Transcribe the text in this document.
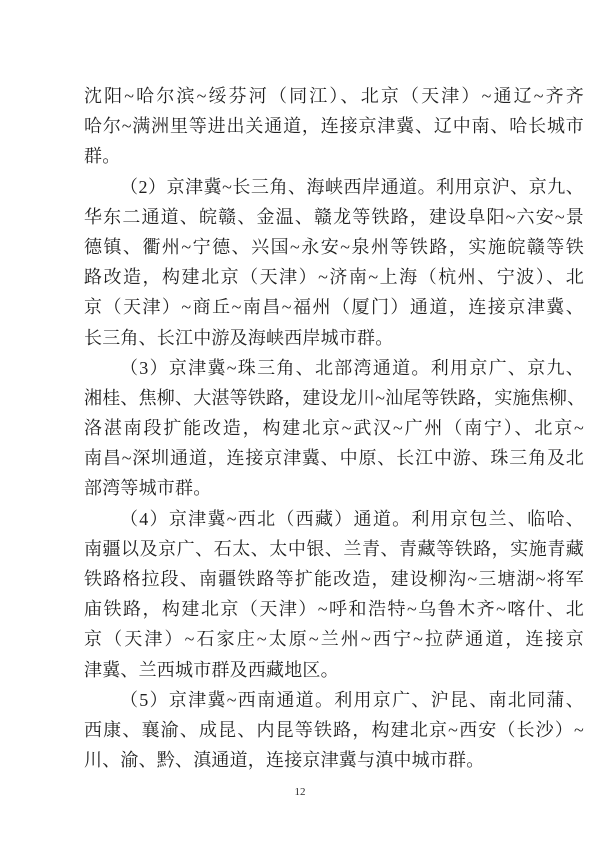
沈阳~哈尔滨~绥芬河（同江）、北京（天津）~通辽~齐齐
哈尔~满洲里等进出关通道，连接京津冀、辽中南、哈长城市
群。
（2）京津冀~长三角、海峡西岸通道。利用京沪、京九、
华东二通道、皖赣、金温、赣龙等铁路，建设阜阳~六安~景
德镇、衢州~宁德、兴国~永安~泉州等铁路，实施皖赣等铁
路改造，构建北京（天津）~济南~上海（杭州、宁波）、北
京（天津）~商丘~南昌~福州（厦门）通道，连接京津冀、
长三角、长江中游及海峡西岸城市群。
（3）京津冀~珠三角、北部湾通道。利用京广、京九、
湘桂、焦柳、大湛等铁路，建设龙川~汕尾等铁路，实施焦柳、
洛湛南段扩能改造，构建北京~武汉~广州（南宁）、北京~
南昌~深圳通道，连接京津冀、中原、长江中游、珠三角及北
部湾等城市群。
（4）京津冀~西北（西藏）通道。利用京包兰、临哈、
南疆以及京广、石太、太中银、兰青、青藏等铁路，实施青藏
铁路格拉段、南疆铁路等扩能改造，建设柳沟~三塘湖~将军
庙铁路，构建北京（天津）~呼和浩特~乌鲁木齐~喀什、北
京（天津）~石家庄~太原~兰州~西宁~拉萨通道，连接京
津冀、兰西城市群及西藏地区。
（5）京津冀~西南通道。利用京广、沪昆、南北同蒲、
西康、襄渝、成昆、内昆等铁路，构建北京~西安（长沙）~
川、渝、黔、滇通道，连接京津冀与滇中城市群。
12
